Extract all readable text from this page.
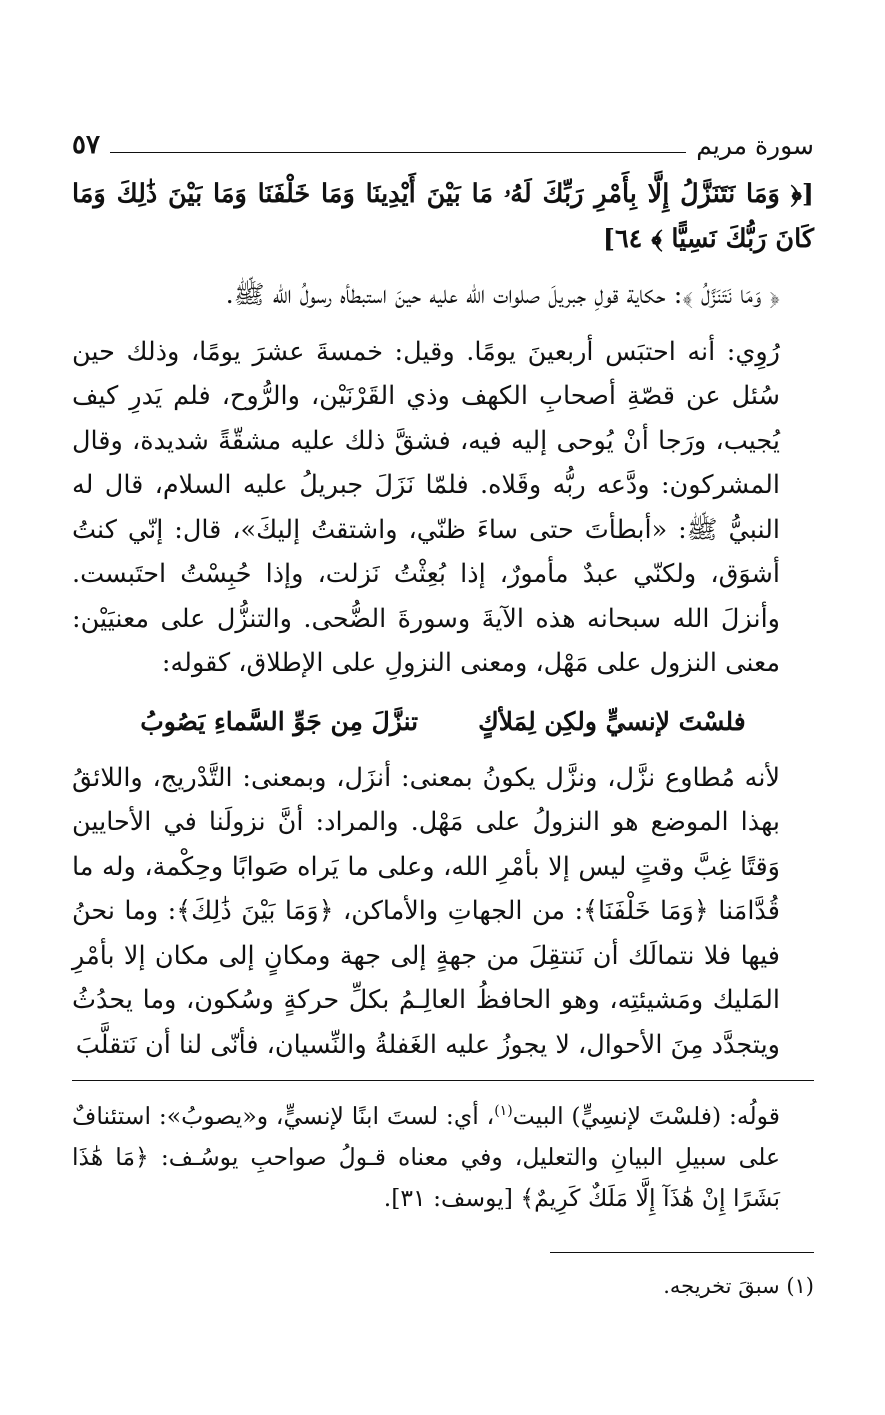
سورة مريم
٥٧

[﴿ وَمَا نَتَنَزَّلُ إِلَّا بِأَمْرِ رَبِّكَ لَهُۥ مَا بَيْنَ أَيْدِينَا وَمَا خَلْفَنَا وَمَا بَيْنَ ذَٰلِكَ وَمَا كَانَ رَبُّكَ نَسِيًّا ﴾ ٦٤]

﴿ وَمَا نَتَنَزَّلُ ﴾: حكاية قولِ جبريلَ صلوات الله عليه حينَ استبطأه رسولُ الله ﷺ.

رُوِي: أنه احتبَس أربعينَ يومًا. وقيل: خمسةَ عشرَ يومًا، وذلك حين سُئل عن قصّةِ أصحابِ الكهف وذي القَرْنَيْن، والرُّوح، فلم يَدرِ كيف يُجيب، ورَجا أنْ يُوحى إليه فيه، فشقَّ ذلك عليه مشقّةً شديدة، وقال المشركون: ودَّعه ربُّه وقَلاه. فلمّا نَزَلَ جبريلُ عليه السلام، قال له النبيُّ ﷺ: «أبطأتَ حتى ساءَ ظنّي، واشتقتُ إليكَ»، قال: إنّي كنتُ أشوَق، ولكنّي عبدٌ مأمورٌ، إذا بُعِثْتُ نَزلت، وإذا حُبِسْتُ احتَبست. وأنزلَ الله سبحانه هذه الآيةَ وسورةَ الضُّحى. والتنزُّل على معنيَيْن: معنى النزول على مَهْل، ومعنى النزولِ على الإطلاق، كقوله:

فلسْتَ لإنسيٍّ ولكِن لِمَلأكٍ
تنزَّلَ مِن جَوِّ السَّماءِ يَصُوبُ

لأنه مُطاوع نزَّل، ونزَّل يكونُ بمعنى: أنزَل، وبمعنى: التَّدْريج، واللائقُ بهذا الموضع هو النزولُ على مَهْل. والمراد: أنَّ نزولَنا في الأحايين وَقتًا غِبَّ وقتٍ ليس إلا بأمْرِ الله، وعلى ما يَراه صَوابًا وحِكْمة، وله ما قُدَّامَنا ﴿وَمَا خَلْفَنَا﴾: من الجهاتِ والأماكن، ﴿وَمَا بَيْنَ ذَٰلِكَ﴾: وما نحنُ فيها فلا نتمالَك أن نَنتقِلَ من جهةٍ إلى جهة ومكانٍ إلى مكان إلا بأمْرِ المَليك ومَشيئتِه، وهو الحافظُ العالِـمُ بكلِّ حركةٍ وسُكون، وما يحدُثُ ويتجدَّد مِنَ الأحوال، لا يجوزُ عليه الغَفلةُ والنِّسيان، فأنّى لنا أن نَتقلَّبَ

قولُه: (فلسْتَ لإنسِيٍّ) البيت$^{(١)}$، أي: لستَ ابنًا لإنسيٍّ، و«يصوبُ»: استئنافٌ على سبيلِ البيانِ والتعليل، وفي معناه قـولُ صواحبِ يوسُـف: ﴿مَا هَٰذَا بَشَرًا إِنْ هَٰذَآ إِلَّا مَلَكٌ كَرِيمٌ﴾ [يوسف: ٣١].

(١) سبقَ تخريجه.
